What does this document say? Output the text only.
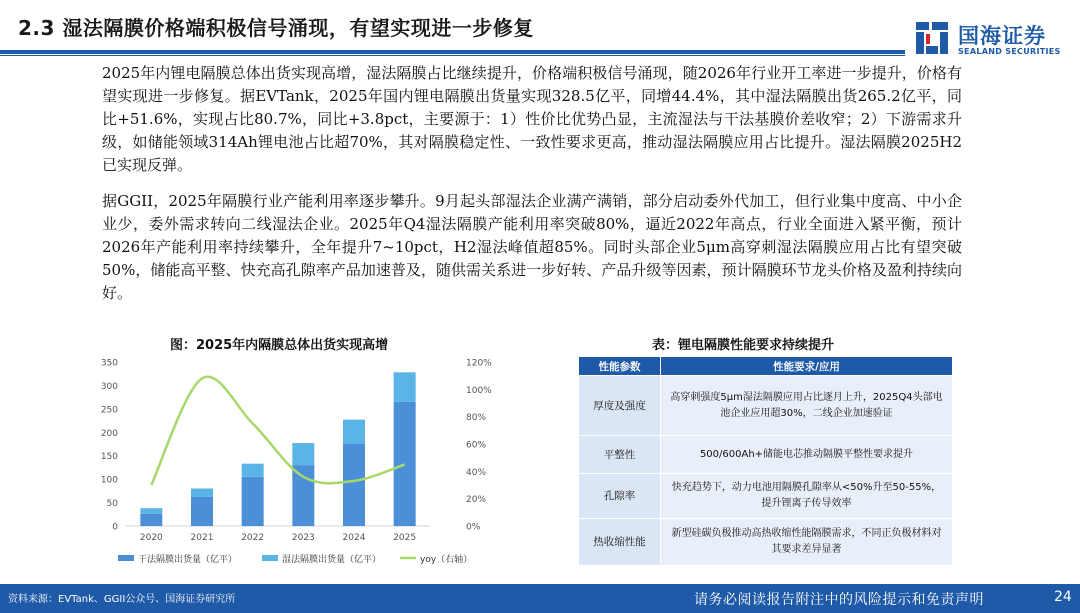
2.3 湿法隔膜价格端积极信号涌现，有望实现进一步修复	国海证券
SEALAND SECURITIES
2025年内锂电隔膜总体出货实现高增，湿法隔膜占比继续提升，价格端积极信号涌现，随2026年行业开工率进一步提升，价格有望实现进一步修复。据EVTank，2025年国内锂电隔膜出货量实现328.5亿平，同增44.4%，其中湿法隔膜出货265.2亿平，同比+51.6%，实现占比80.7%，同比+3.8pct，主要源于：1）性价比优势凸显，主流湿法与干法基膜价差收窄；2）下游需求升级，如储能领域314Ah锂电池占比超70%，其对隔膜稳定性、一致性要求更高，推动湿法隔膜应用占比提升。湿法隔膜2025H2已实现反弹。
据GGII，2025年隔膜行业产能利用率逐步攀升。9月起头部湿法企业满产满销，部分启动委外代加工，但行业集中度高、中小企业少，委外需求转向二线湿法企业。2025年Q4湿法隔膜产能利用率突破80%，逼近2022年高点，行业全面进入紧平衡，预计2026年产能利用率持续攀升，全年提升7~10pct，H2湿法峰值超85%。同时头部企业5μm高穿刺湿法隔膜应用占比有望突破50%，储能高平整、快充高孔隙率产品加速普及，随供需关系进一步好转、产品升级等因素，预计隔膜环节龙头价格及盈利持续向好。
图：2025年内隔膜总体出货实现高增
0
50
100
150
200
250
300
350
0%
20%
40%
60%
80%
100%
120%
2020	2021	2022	2023	2024	2025
干法隔膜出货量（亿平）	湿法隔膜出货量（亿平）	yoy（右轴）
表：锂电隔膜性能要求持续提升
性能参数	性能要求/应用
厚度及强度	高穿刺强度5μm湿法隔膜应用占比逐月上升，2025Q4头部电池企业应用超30%，二线企业加速验证
平整性	500/600Ah+储能电芯推动隔膜平整性要求提升
孔隙率	快充趋势下，动力电池用隔膜孔隙率从<50%升至50-55%，提升锂离子传导效率
热收缩性能	新型硅碳负极推动高热收缩性能隔膜需求，不同正负极材料对其要求差异显著
资料来源：EVTank、GGII公众号、国海证券研究所	请务必阅读报告附注中的风险提示和免责声明	24
